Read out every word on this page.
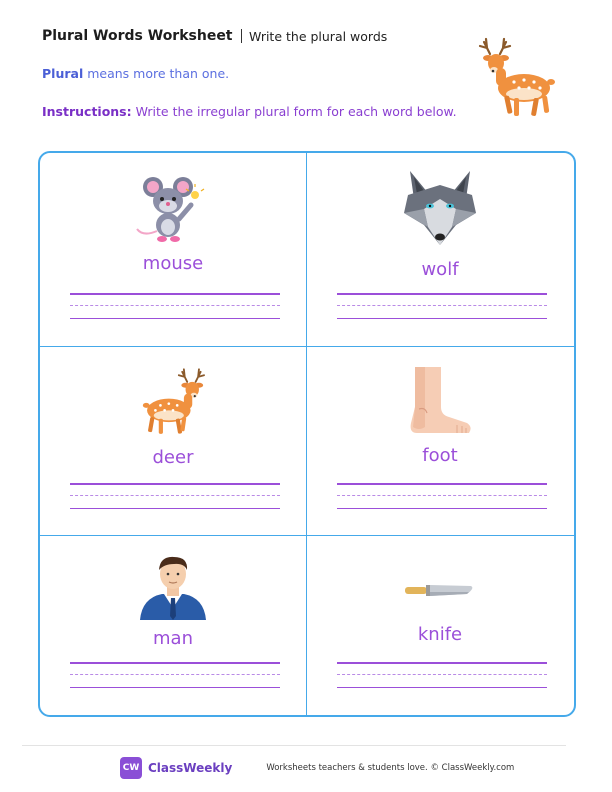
Plural Words Worksheet Write the plural words
Plural means more than one.
Instructions: Write the irregular plural form for each word below.
mouse	wolf
deer	foot
man	knife
CW ClassWeekly	Worksheets teachers & students love. © ClassWeekly.com
